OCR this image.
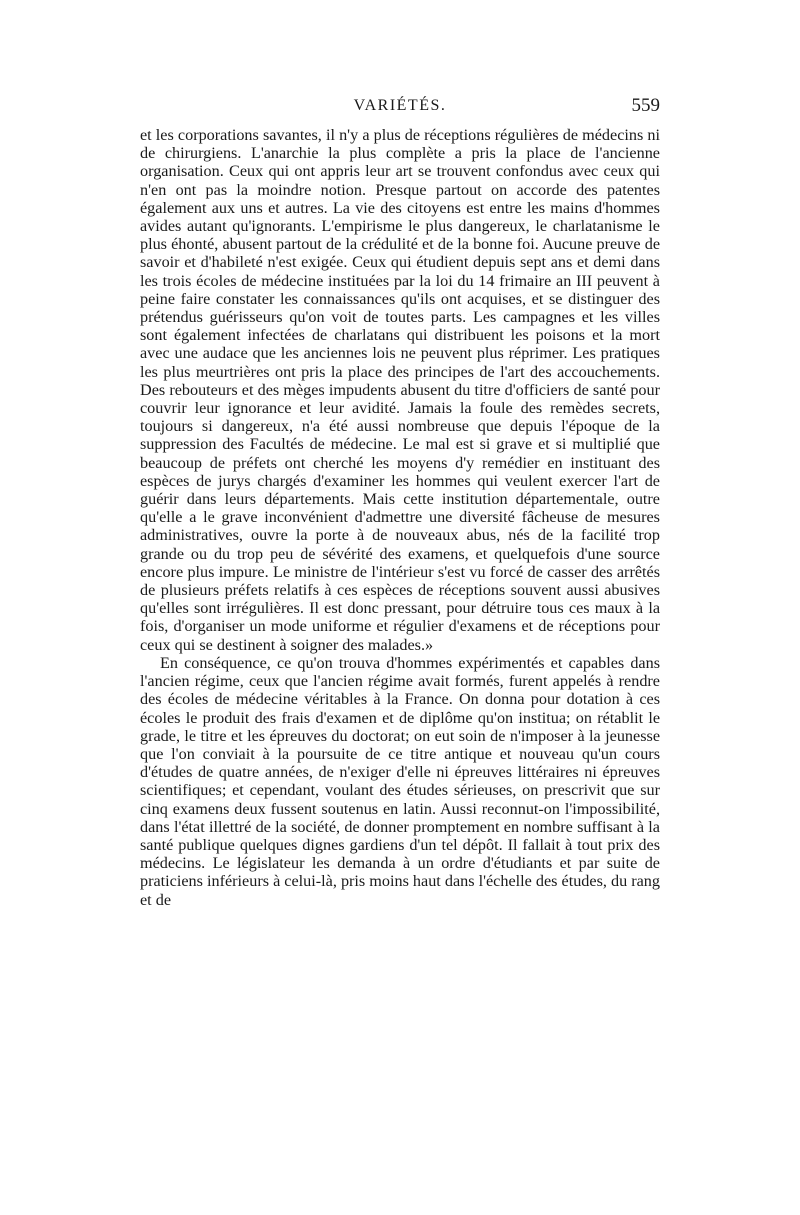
VARIÉTÉS.	559

et les corporations savantes, il n'y a plus de réceptions régulières de médecins ni de chirurgiens. L'anarchie la plus complète a pris la place de l'ancienne organisation. Ceux qui ont appris leur art se trouvent confondus avec ceux qui n'en ont pas la moindre notion. Presque partout on accorde des patentes également aux uns et autres. La vie des citoyens est entre les mains d'hommes avides autant qu'ignorants. L'empirisme le plus dangereux, le charlatanisme le plus éhonté, abusent partout de la crédulité et de la bonne foi. Aucune preuve de savoir et d'habileté n'est exigée. Ceux qui étudient depuis sept ans et demi dans les trois écoles de médecine instituées par la loi du 14 frimaire an III peuvent à peine faire constater les connaissances qu'ils ont acquises, et se distinguer des prétendus guérisseurs qu'on voit de toutes parts. Les campagnes et les villes sont également infectées de charlatans qui distribuent les poisons et la mort avec une audace que les anciennes lois ne peuvent plus réprimer. Les pratiques les plus meurtrières ont pris la place des principes de l'art des accouchements. Des rebouteurs et des mèges impudents abusent du titre d'officiers de santé pour couvrir leur ignorance et leur avidité. Jamais la foule des remèdes secrets, toujours si dangereux, n'a été aussi nombreuse que depuis l'époque de la suppression des Facultés de médecine. Le mal est si grave et si multiplié que beaucoup de préfets ont cherché les moyens d'y remédier en instituant des espèces de jurys chargés d'examiner les hommes qui veulent exercer l'art de guérir dans leurs départements. Mais cette institution départementale, outre qu'elle a le grave inconvénient d'admettre une diversité fâcheuse de mesures administratives, ouvre la porte à de nouveaux abus, nés de la facilité trop grande ou du trop peu de sévérité des examens, et quelquefois d'une source encore plus impure. Le ministre de l'intérieur s'est vu forcé de casser des arrêtés de plusieurs préfets relatifs à ces espèces de réceptions souvent aussi abusives qu'elles sont irrégulières. Il est donc pressant, pour détruire tous ces maux à la fois, d'organiser un mode uniforme et régulier d'examens et de réceptions pour ceux qui se destinent à soigner des malades.»

En conséquence, ce qu'on trouva d'hommes expérimentés et capables dans l'ancien régime, ceux que l'ancien régime avait formés, furent appelés à rendre des écoles de médecine véritables à la France. On donna pour dotation à ces écoles le produit des frais d'examen et de diplôme qu'on institua; on rétablit le grade, le titre et les épreuves du doctorat; on eut soin de n'imposer à la jeunesse que l'on conviait à la poursuite de ce titre antique et nouveau qu'un cours d'études de quatre années, de n'exiger d'elle ni épreuves littéraires ni épreuves scientifiques; et cependant, voulant des études sérieuses, on prescrivit que sur cinq examens deux fussent soutenus en latin. Aussi reconnut-on l'impossibilité, dans l'état illettré de la société, de donner promptement en nombre suffisant à la santé publique quelques dignes gardiens d'un tel dépôt. Il fallait à tout prix des médecins. Le législateur les demanda à un ordre d'étudiants et par suite de praticiens inférieurs à celui-là, pris moins haut dans l'échelle des études, du rang et de
